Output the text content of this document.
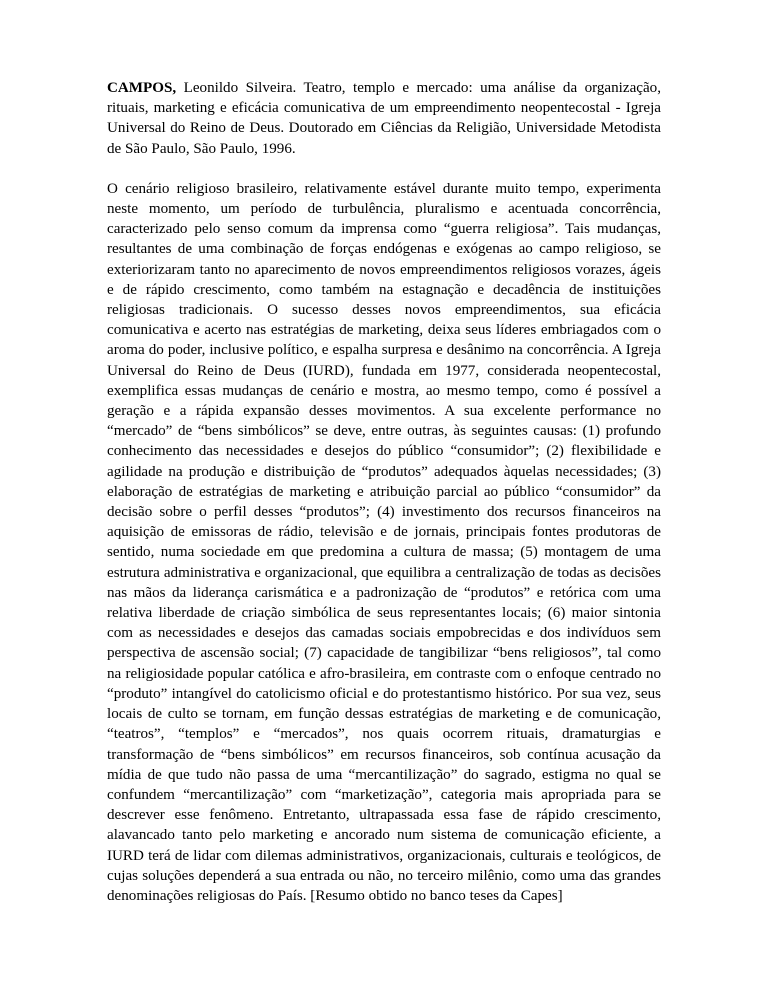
CAMPOS, Leonildo Silveira. Teatro, templo e mercado: uma análise da organização, rituais, marketing e eficácia comunicativa de um empreendimento neopentecostal - Igreja Universal do Reino de Deus. Doutorado em Ciências da Religião, Universidade Metodista de São Paulo, São Paulo, 1996.

O cenário religioso brasileiro, relativamente estável durante muito tempo, experimenta neste momento, um período de turbulência, pluralismo e acentuada concorrência, caracterizado pelo senso comum da imprensa como “guerra religiosa”. Tais mudanças, resultantes de uma combinação de forças endógenas e exógenas ao campo religioso, se exteriorizaram tanto no aparecimento de novos empreendimentos religiosos vorazes, ágeis e de rápido crescimento, como também na estagnação e decadência de instituições religiosas tradicionais. O sucesso desses novos empreendimentos, sua eficácia comunicativa e acerto nas estratégias de marketing, deixa seus líderes embriagados com o aroma do poder, inclusive político, e espalha surpresa e desânimo na concorrência. A Igreja Universal do Reino de Deus (IURD), fundada em 1977, considerada neopentecostal, exemplifica essas mudanças de cenário e mostra, ao mesmo tempo, como é possível a geração e a rápida expansão desses movimentos. A sua excelente performance no “mercado” de “bens simbólicos” se deve, entre outras, às seguintes causas: (1) profundo conhecimento das necessidades e desejos do público “consumidor”; (2) flexibilidade e agilidade na produção e distribuição de “produtos” adequados àquelas necessidades; (3) elaboração de estratégias de marketing e atribuição parcial ao público “consumidor” da decisão sobre o perfil desses “produtos”; (4) investimento dos recursos financeiros na aquisição de emissoras de rádio, televisão e de jornais, principais fontes produtoras de sentido, numa sociedade em que predomina a cultura de massa; (5) montagem de uma estrutura administrativa e organizacional, que equilibra a centralização de todas as decisões nas mãos da liderança carismática e a padronização de “produtos” e retórica com uma relativa liberdade de criação simbólica de seus representantes locais; (6) maior sintonia com as necessidades e desejos das camadas sociais empobrecidas e dos indivíduos sem perspectiva de ascensão social; (7) capacidade de tangibilizar “bens religiosos”, tal como na religiosidade popular católica e afro-brasileira, em contraste com o enfoque centrado no “produto” intangível do catolicismo oficial e do protestantismo histórico. Por sua vez, seus locais de culto se tornam, em função dessas estratégias de marketing e de comunicação, “teatros”, “templos” e “mercados”, nos quais ocorrem rituais, dramaturgias e transformação de “bens simbólicos” em recursos financeiros, sob contínua acusação da mídia de que tudo não passa de uma “mercantilização” do sagrado, estigma no qual se confundem “mercantilização” com “marketização”, categoria mais apropriada para se descrever esse fenômeno. Entretanto, ultrapassada essa fase de rápido crescimento, alavancado tanto pelo marketing e ancorado num sistema de comunicação eficiente, a IURD terá de lidar com dilemas administrativos, organizacionais, culturais e teológicos, de cujas soluções dependerá a sua entrada ou não, no terceiro milênio, como uma das grandes denominações religiosas do País. [Resumo obtido no banco teses da Capes]
